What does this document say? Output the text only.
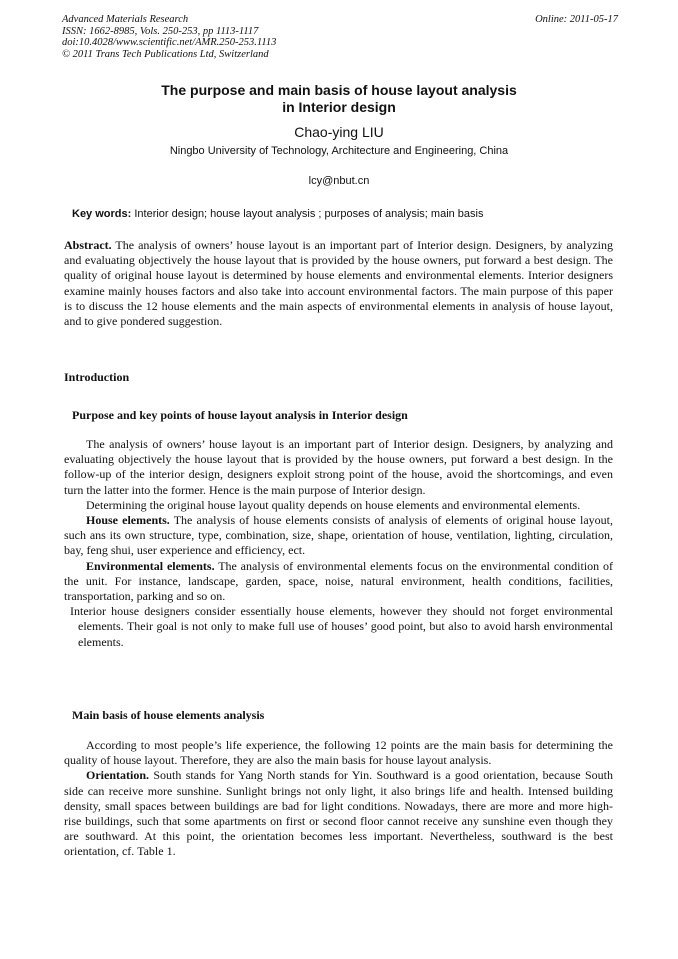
Advanced Materials Research
ISSN: 1662-8985, Vols. 250-253, pp 1113-1117
doi:10.4028/www.scientific.net/AMR.250-253.1113
© 2011 Trans Tech Publications Ltd, Switzerland
Online: 2011-05-17
The purpose and main basis of house layout analysis
in Interior design
Chao-ying LIU
Ningbo University of Technology, Architecture and Engineering, China
lcy@nbut.cn
Key words: Interior design; house layout analysis ; purposes of analysis; main basis

Abstract. The analysis of owners’ house layout is an important part of Interior design. Designers, by analyzing and evaluating objectively the house layout that is provided by the house owners, put forward a best design. The quality of original house layout is determined by house elements and environmental elements. Interior designers examine mainly houses factors and also take into account environmental factors. The main purpose of this paper is to discuss the 12 house elements and the main aspects of environmental elements in analysis of house layout, and to give pondered suggestion.

Introduction
Purpose and key points of house layout analysis in Interior design

The analysis of owners’ house layout is an important part of Interior design. Designers, by analyzing and evaluating objectively the house layout that is provided by the house owners, put forward a best design. In the follow-up of the interior design, designers exploit strong point of the house, avoid the shortcomings, and even turn the latter into the former. Hence is the main purpose of Interior design.

Determining the original house layout quality depends on house elements and environmental elements.

House elements. The analysis of house elements consists of analysis of elements of original house layout, such ans its own structure, type, combination, size, shape, orientation of house, ventilation, lighting, circulation, bay, feng shui, user experience and efficiency, ect.

Environmental elements. The analysis of environmental elements focus on the environmental condition of the unit. For instance, landscape, garden, space, noise, natural environment, health conditions, facilities, transportation, parking and so on.

Interior house designers consider essentially house elements, however they should not forget environmental elements. Their goal is not only to make full use of houses’ good point, but also to avoid harsh environmental elements.

Main basis of house elements analysis

According to most people’s life experience, the following 12 points are the main basis for determining the quality of house layout. Therefore, they are also the main basis for house layout analysis.

Orientation. South stands for Yang North stands for Yin. Southward is a good orientation, because South side can receive more sunshine. Sunlight brings not only light, it also brings life and health. Intensed building density, small spaces between buildings are bad for light conditions. Nowadays, there are more and more high-rise buildings, such that some apartments on first or second floor cannot receive any sunshine even though they are southward. At this point, the orientation becomes less important. Nevertheless, southward is the best orientation, cf. Table 1.
